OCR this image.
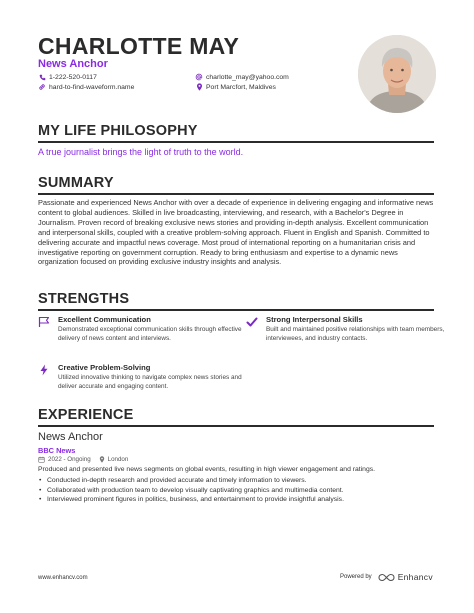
CHARLOTTE MAY
News Anchor
1-222-520-0117
hard-to-find-waveform.name
charlotte_may@yahoo.com
Port Marcfort, Maldives
MY LIFE PHILOSOPHY
A true journalist brings the light of truth to the world.
SUMMARY
Passionate and experienced News Anchor with over a decade of experience in delivering engaging and informative news content to global audiences. Skilled in live broadcasting, interviewing, and research, with a Bachelor's Degree in Journalism. Proven record of breaking exclusive news stories and providing in-depth analysis. Excellent communication and interpersonal skills, coupled with a creative problem-solving approach. Fluent in English and Spanish. Committed to delivering accurate and impactful news coverage. Most proud of international reporting on a humanitarian crisis and investigative reporting on government corruption. Ready to bring enthusiasm and expertise to a dynamic news organization focused on providing exclusive industry insights and analysis.
STRENGTHS
Excellent Communication
Demonstrated exceptional communication skills through effective delivery of news content and interviews.
Strong Interpersonal Skills
Built and maintained positive relationships with team members, interviewees, and industry contacts.
Creative Problem-Solving
Utilized innovative thinking to navigate complex news stories and deliver accurate and engaging content.
EXPERIENCE
News Anchor
BBC News
2022 - Ongoing	London
Produced and presented live news segments on global events, resulting in high viewer engagement and ratings.
• Conducted in-depth research and provided accurate and timely information to viewers.
• Collaborated with production team to develop visually captivating graphics and multimedia content.
• Interviewed prominent figures in politics, business, and entertainment to provide insightful analysis.
www.enhancv.com	Powered by	Enhancv
